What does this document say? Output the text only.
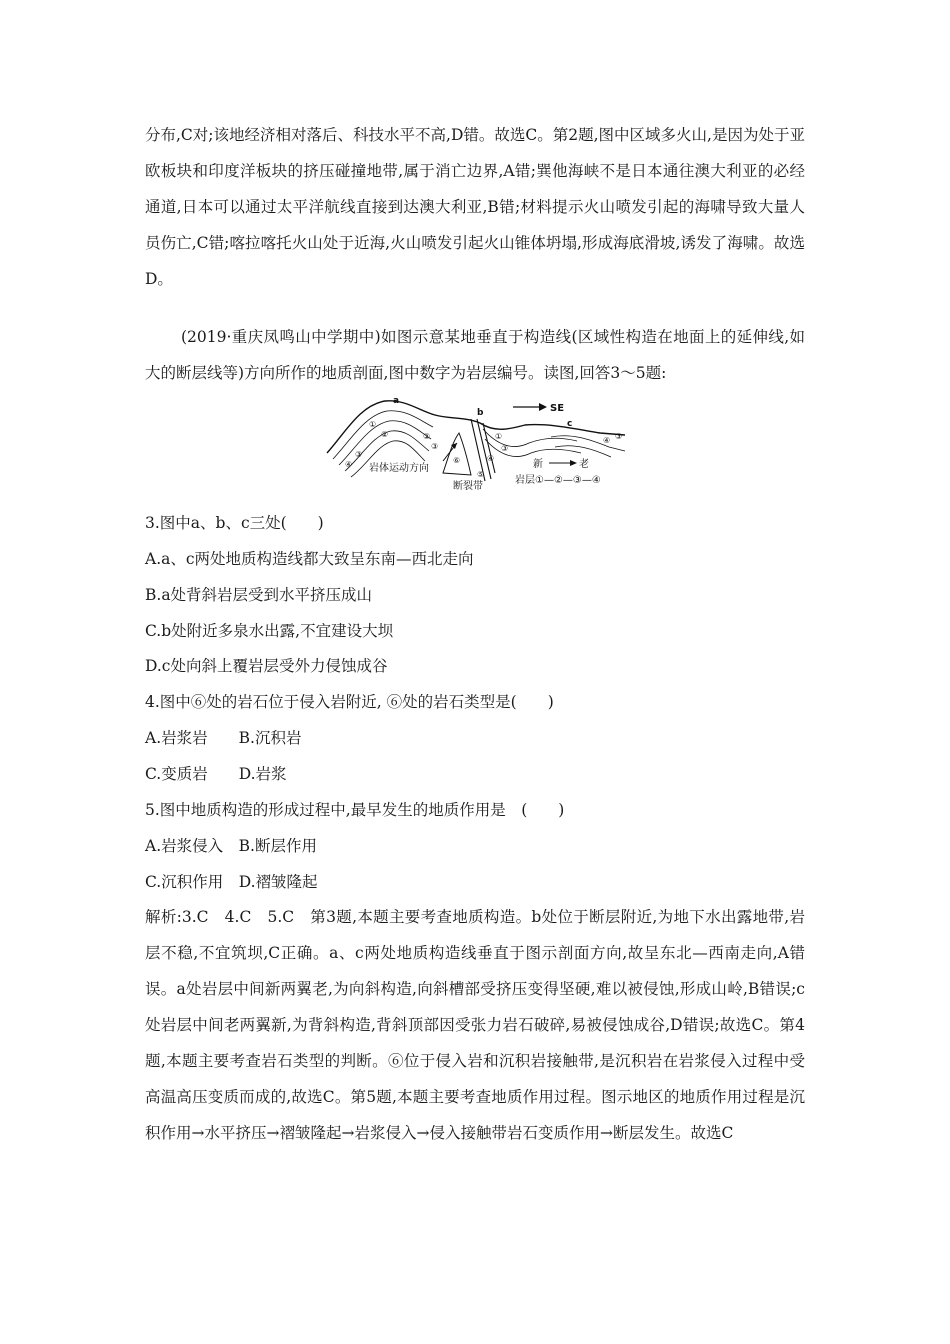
分布,C对;该地经济相对落后、科技水平不高,D错。故选C。第2题,图中区域多火山,是因为处于亚欧板块和印度洋板块的挤压碰撞地带,属于消亡边界,A错;巽他海峡不是日本通往澳大利亚的必经通道,日本可以通过太平洋航线直接到达澳大利亚,B错;材料提示火山喷发引起的海啸导致大量人员伤亡,C错;喀拉喀托火山处于近海,火山喷发引起火山锥体坍塌,形成海底滑坡,诱发了海啸。故选D。

(2019·重庆凤鸣山中学期中)如图示意某地垂直于构造线(区域性构造在地面上的延伸线,如大的断层线等)方向所作的地质剖面,图中数字为岩层编号。读图,回答3～5题:

a
b
c
SE
①
②
③
④
②
③
①
③
④
⑤
⑥
③
④
岩体运动方向
断裂带
新	老
岩层①—②—③—④

3.图中a、b、c三处(　　)

A.a、c两处地质构造线都大致呈东南—西北走向

B.a处背斜岩层受到水平挤压成山

C.b处附近多泉水出露,不宜建设大坝

D.c处向斜上覆岩层受外力侵蚀成谷

4.图中⑥处的岩石位于侵入岩附近, ⑥处的岩石类型是(　　)

A.岩浆岩　　B.沉积岩

C.变质岩　　D.岩浆

5.图中地质构造的形成过程中,最早发生的地质作用是　(　　)

A.岩浆侵入　B.断层作用

C.沉积作用　D.褶皱隆起

解析:3.C　4.C　5.C　第3题,本题主要考查地质构造。b处位于断层附近,为地下水出露地带,岩层不稳,不宜筑坝,C正确。a、c两处地质构造线垂直于图示剖面方向,故呈东北—西南走向,A错误。a处岩层中间新两翼老,为向斜构造,向斜槽部受挤压变得坚硬,难以被侵蚀,形成山岭,B错误;c处岩层中间老两翼新,为背斜构造,背斜顶部因受张力岩石破碎,易被侵蚀成谷,D错误;故选C。第4题,本题主要考查岩石类型的判断。⑥位于侵入岩和沉积岩接触带,是沉积岩在岩浆侵入过程中受高温高压变质而成的,故选C。第5题,本题主要考查地质作用过程。图示地区的地质作用过程是沉积作用→水平挤压→褶皱隆起→岩浆侵入→侵入接触带岩石变质作用→断层发生。故选C
